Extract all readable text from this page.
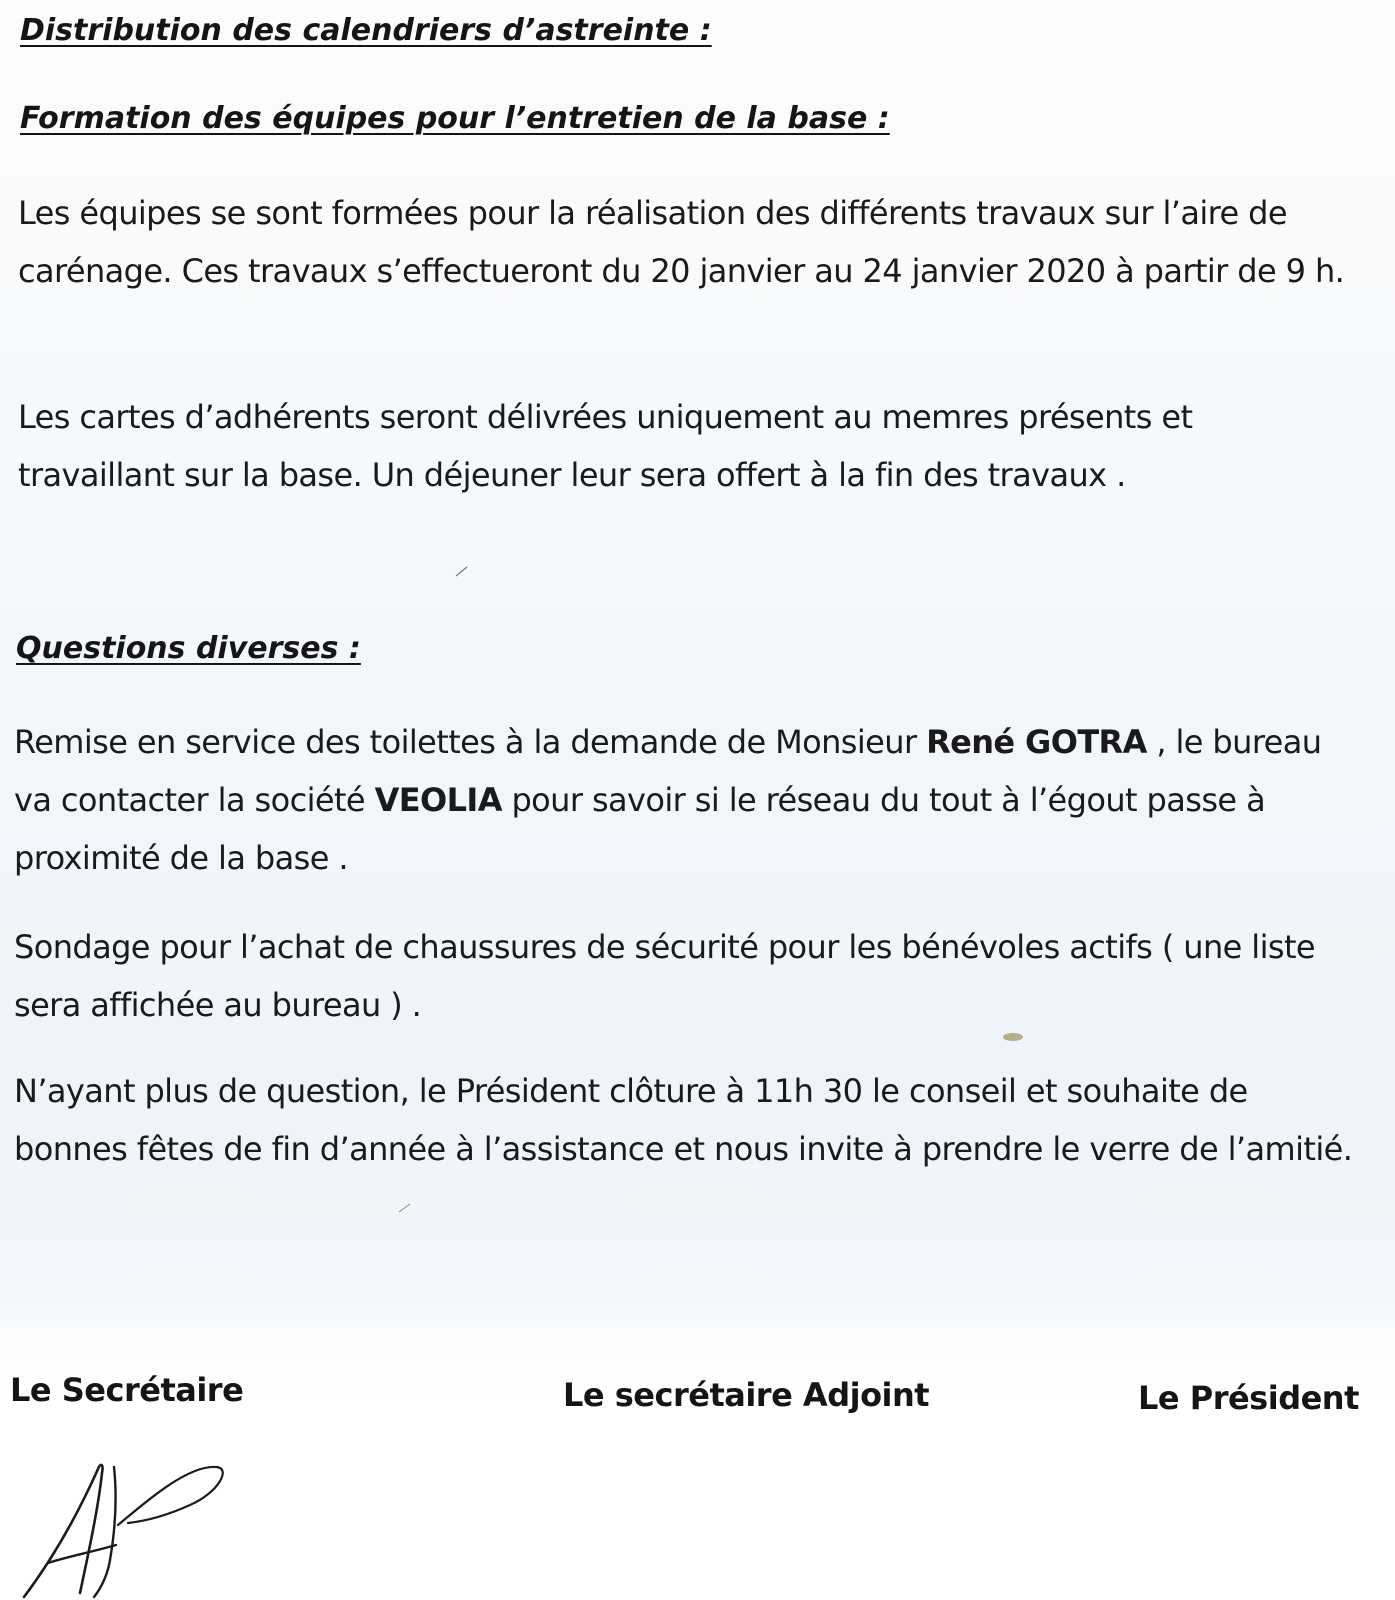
Distribution des calendriers d’astreinte :
Formation des équipes pour l’entretien de la base :

Les équipes se sont formées pour la réalisation des différents travaux sur l’aire de carénage. Ces travaux s’effectueront du 20 janvier au 24 janvier 2020 à partir de 9 h.

Les cartes d’adhérents seront délivrées uniquement au memres présents et travaillant sur la base. Un déjeuner leur sera offert à la fin des travaux .

Questions diverses :

Remise en service des toilettes à la demande de Monsieur René GOTRA , le bureau va contacter la société VEOLIA pour savoir si le réseau du tout à l’égout passe à proximité de la base .

Sondage pour l’achat de chaussures de sécurité pour les bénévoles actifs ( une liste sera affichée au bureau ) .

N’ayant plus de question, le Président clôture à 11h 30 le conseil et souhaite de bonnes fêtes de fin d’année à l’assistance et nous invite à prendre le verre de l’amitié.

Le Secrétaire	Le secrétaire Adjoint	Le Président
